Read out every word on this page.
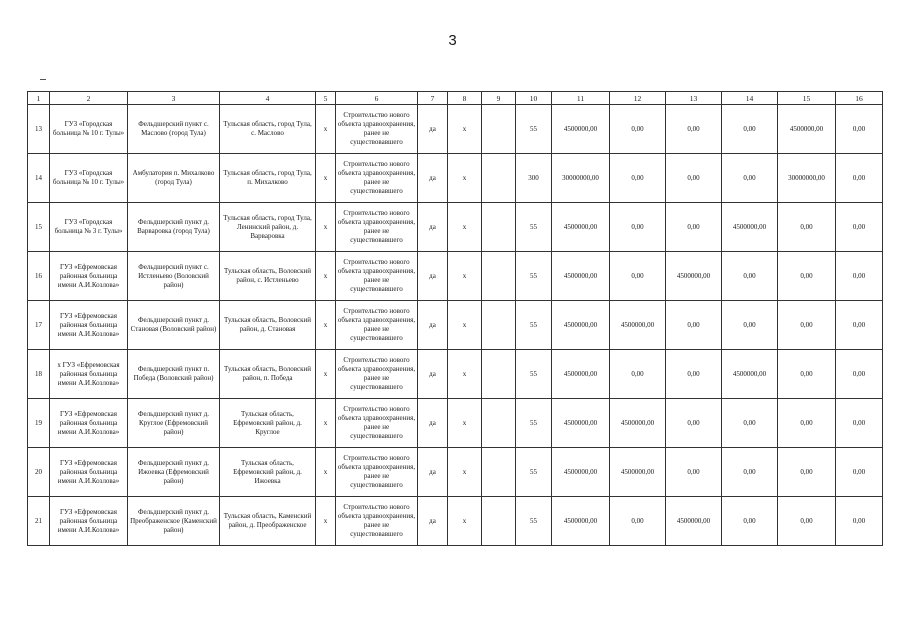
3
1	2	3	4	5	6	7	8	9	10	11	12	13	14	15	16
13	ГУЗ «Городская больница № 10 г. Тулы»	Фельдшерский пункт с. Маслово (город Тула)	Тульская область, город Тула, с. Маслово	х	Строительство нового объекта здравоохранения, ранее не существовавшего	да	х		55	4500000,00	0,00	0,00	0,00	4500000,00	0,00
14	ГУЗ «Городская больница № 10 г. Тулы»	Амбулатория п. Михалково (город Тула)	Тульская область, город Тула, п. Михалково	х	Строительство нового объекта здравоохранения, ранее не существовавшего	да	х		300	30000000,00	0,00	0,00	0,00	30000000,00	0,00
15	ГУЗ «Городская больница № 3 г. Тулы»	Фельдшерский пункт д. Варваровка (город Тула)	Тульская область, город Тула, Ленинский район, д. Варваровка	х	Строительство нового объекта здравоохранения, ранее не существовавшего	да	х		55	4500000,00	0,00	0,00	4500000,00	0,00	0,00
16	ГУЗ «Ефремовская районная больница имени А.И.Козлова»	Фельдшерский пункт с. Истленьево (Воловский район)	Тульская область, Воловский район, с. Истленьево	х	Строительство нового объекта здравоохранения, ранее не существовавшего	да	х		55	4500000,00	0,00	4500000,00	0,00	0,00	0,00
17	ГУЗ «Ефремовская районная больница имени А.И.Козлова»	Фельдшерский пункт д. Становая (Воловский район)	Тульская область, Воловский район, д. Становая	х	Строительство нового объекта здравоохранения, ранее не существовавшего	да	х		55	4500000,00	4500000,00	0,00	0,00	0,00	0,00
18	х ГУЗ «Ефремовская районная больница имени А.И.Козлова»	Фельдшерский пункт п. Победа (Воловский район)	Тульская область, Воловский район, п. Победа	х	Строительство нового объекта здравоохранения, ранее не существовавшего	да	х		55	4500000,00	0,00	0,00	4500000,00	0,00	0,00
19	ГУЗ «Ефремовская районная больница имени А.И.Козлова»	Фельдшерский пункт д. Круглое (Ефремовский район)	Тульская область, Ефремовский район, д. Круглое	х	Строительство нового объекта здравоохранения, ранее не существовавшего	да	х		55	4500000,00	4500000,00	0,00	0,00	0,00	0,00
20	ГУЗ «Ефремовская районная больница имени А.И.Козлова»	Фельдшерский пункт д. Ижоевка (Ефремовский район)	Тульская область, Ефремовский район, д. Ижоевка	х	Строительство нового объекта здравоохранения, ранее не существовавшего	да	х		55	4500000,00	4500000,00	0,00	0,00	0,00	0,00
21	ГУЗ «Ефремовская районная больница имени А.И.Козлова»	Фельдшерский пункт д. Преображенское (Каменский район)	Тульская область, Каменский район, д. Преображенское	х	Строительство нового объекта здравоохранения, ранее не существовавшего	да	х		55	4500000,00	0,00	4500000,00	0,00	0,00	0,00
